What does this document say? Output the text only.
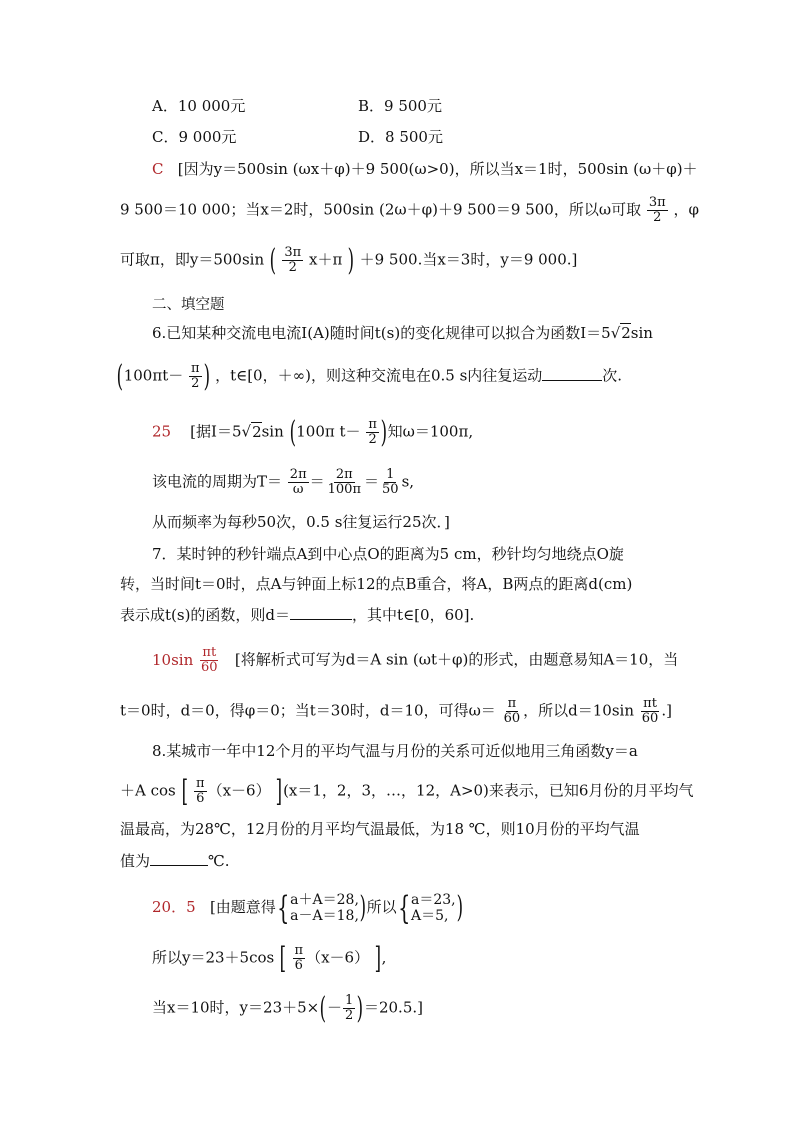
A．10 000元	B．9 500元
C．9 000元	D．8 500元
C [因为y＝500sin (ωx＋φ)＋9 500(ω>0)，所以当x＝1时，500sin (ω＋φ)＋
9 500＝10 000；当x＝2时，500sin (2ω＋φ)＋9 500＝9 500，所以ω可取 $\frac{3\pi}{2}$ ，φ
可取π，即y＝500sin ( $\frac{3\pi}{2} x+\pi$ ) ＋9 500.当x＝3时，y＝9 000.]
二、填空题
6.已知某种交流电电流I(A)随时间t(s)的变化规律可以拟合为函数I＝5√2sin
($100\pi t- \frac{\pi}{2}$ ) ，t∈[0，＋∞)，则这种交流电在0.5 s内往复运动	次.
25 [据I＝5√2sin (100π $t- \frac{\pi}{2}$ )知ω＝100π,
该电流的周期为$T= \frac{2\pi}{\omega} = \frac{2\pi}{100\pi} = \frac{1}{50} s$,
从而频率为每秒50次，0.5 s往复运行25次．]
7．某时钟的秒针端点A到中心点O的距离为5 cm，秒针均匀地绕点O旋
转，当时间t＝0时，点A与钟面上标12的点B重合，将A，B两点的距离d(cm)
表示成t(s)的函数，则d＝	，其中t∈[0，60].
$10\sin \frac{\pi t}{60}$ [将解析式可写为d＝A sin (ωt＋φ)的形式，由题意易知A＝10，当
t＝0时，d＝0，得φ＝0；当t＝30时，d＝10，可得$\omega= \frac{\pi}{60}$ ，所以$d=10\sin \frac{\pi t}{60}$ .]
8.某城市一年中12个月的平均气温与月份的关系可近似地用三角函数y＝a
＋A cos [ $\frac{\pi}{6} (x-6)$ ](x＝1，2，3，…，12，A>0)来表示，已知6月份的月平均气
温最高，为28℃，12月份的月平均气温最低，为18 ℃，则10月份的平均气温
值为	℃.
20．5 [由题意得{ a＋A＝28,
a－A＝18, )所以{ a＝23,
A＝5, )
所以y＝23＋5cos [ $\frac{\pi}{6} (x-6)$ ],
当x＝10时，$y=23+5\times(- \frac{1}{2} )=20.5$.]
